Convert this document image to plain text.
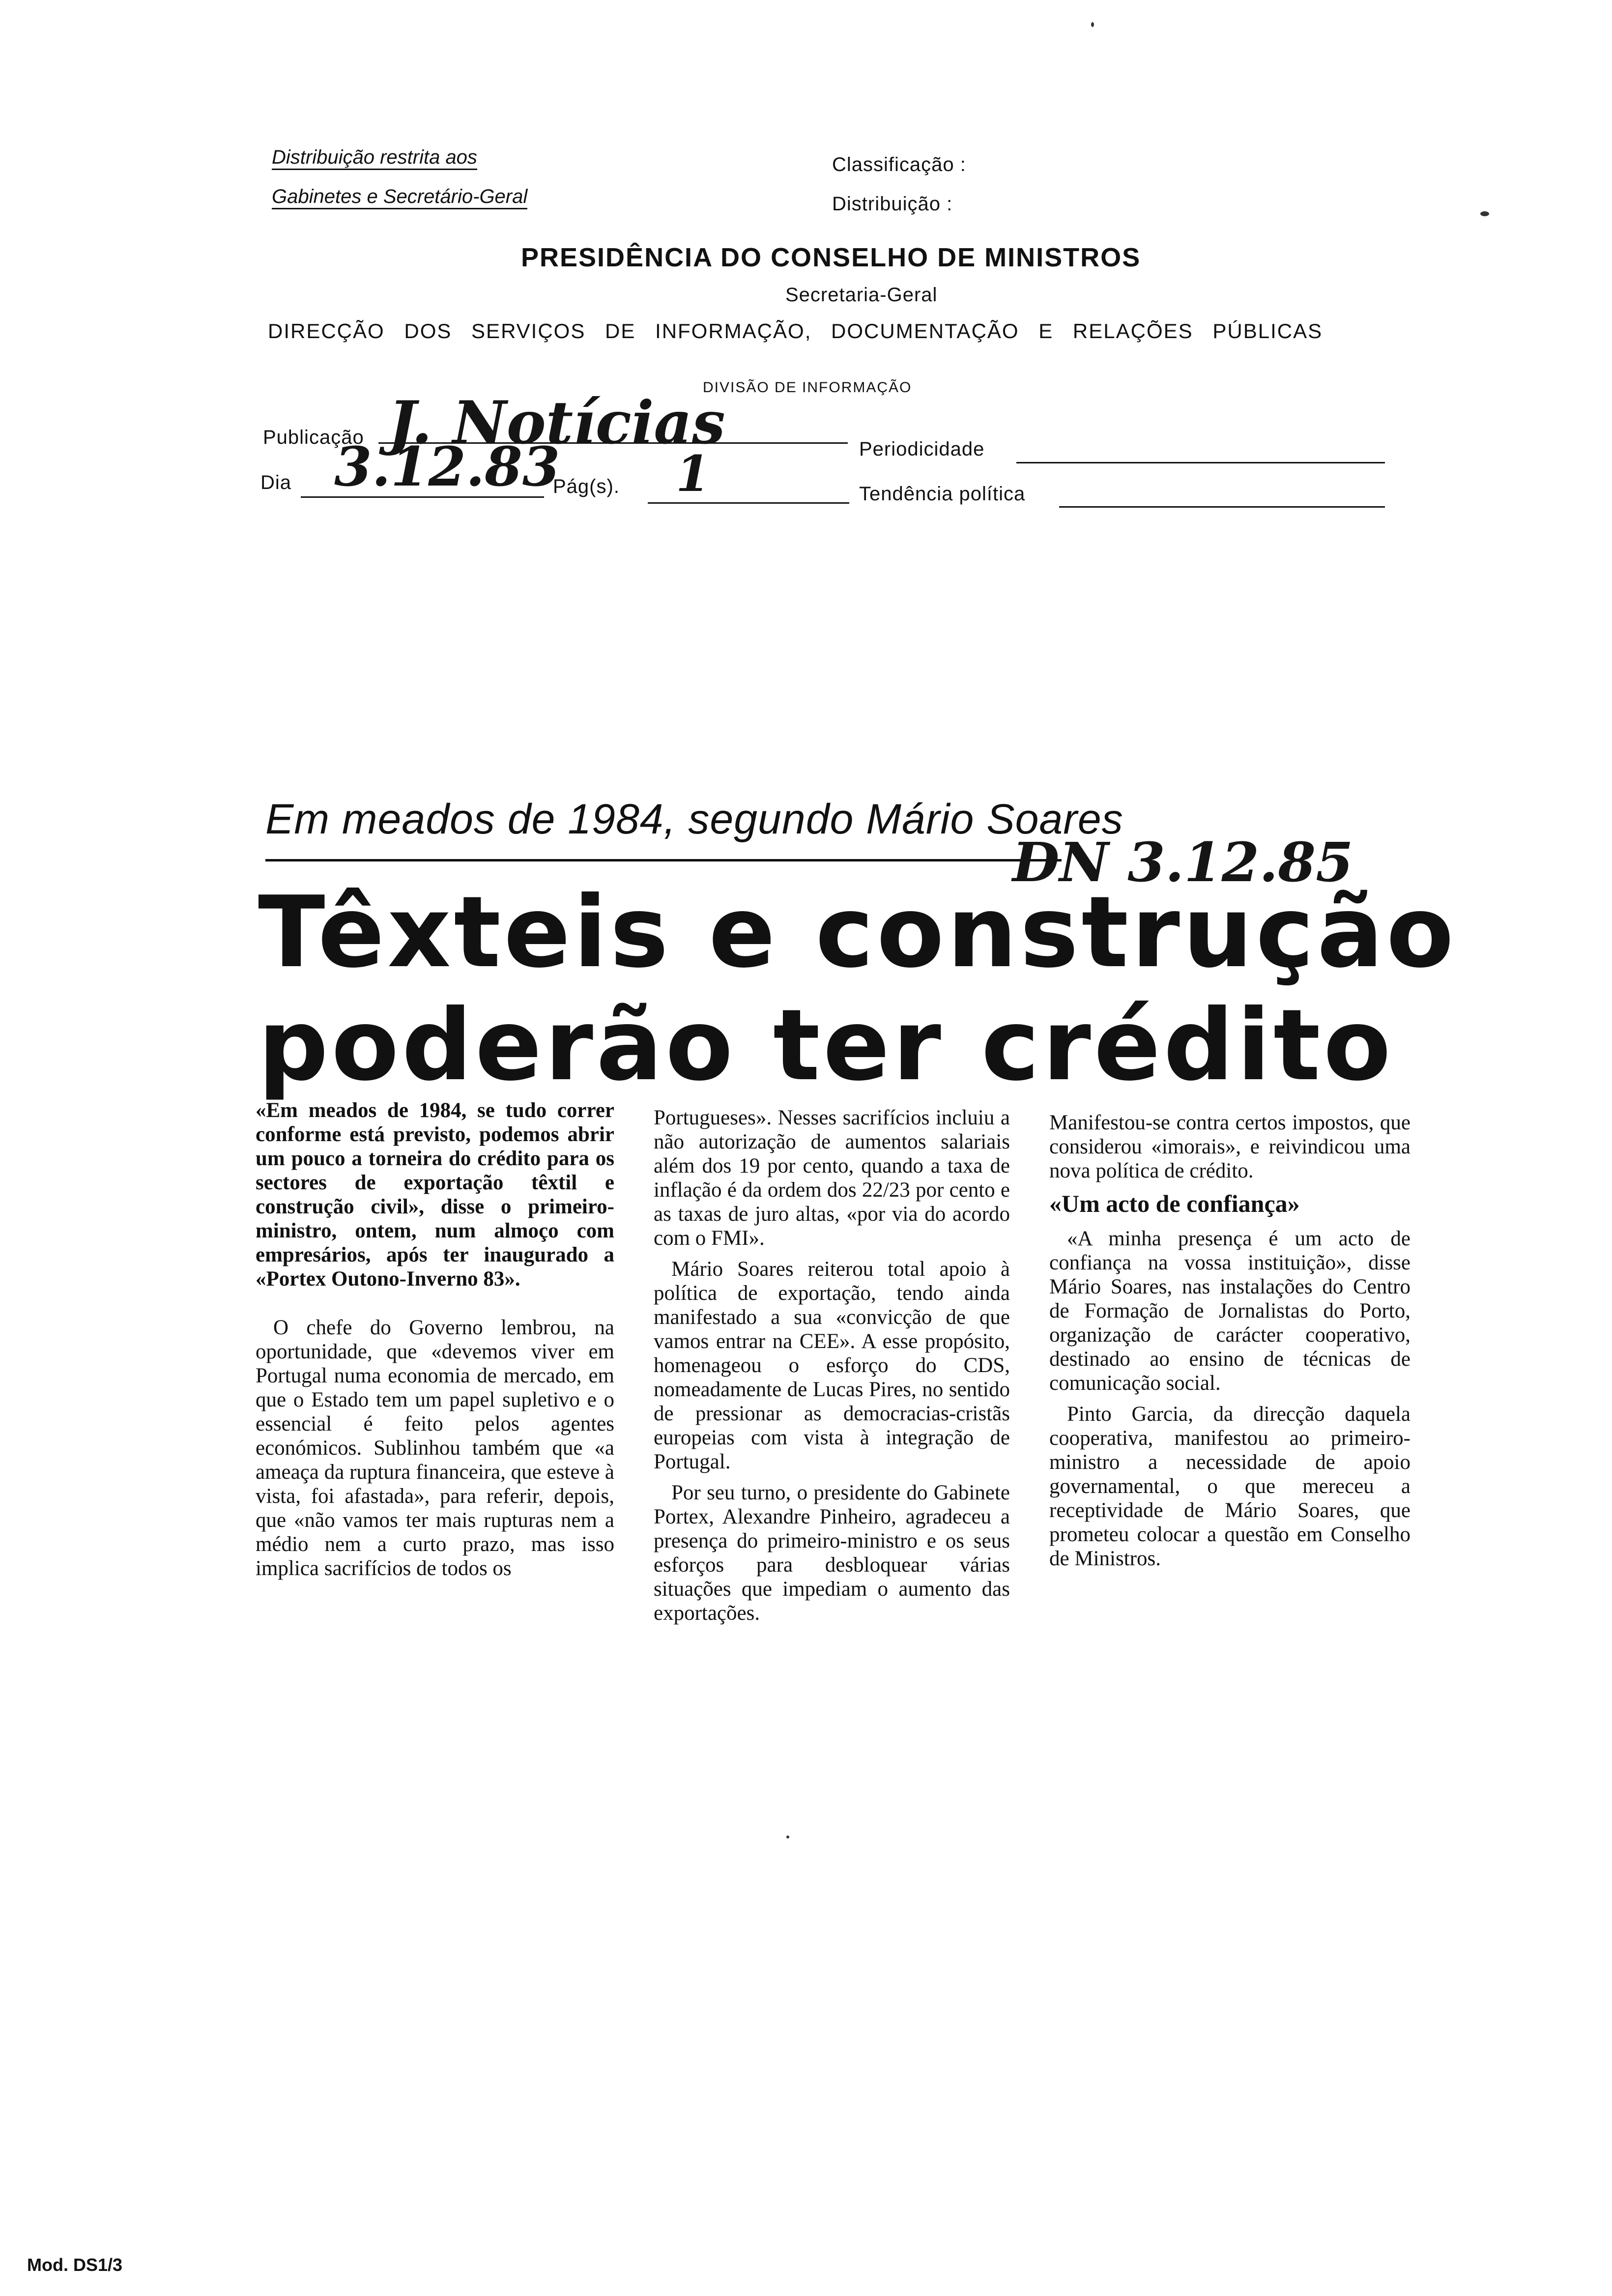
Distribuição restrita aos
Gabinetes e Secretário-Geral
Classificação :
Distribuição :
PRESIDÊNCIA DO CONSELHO DE MINISTROS
Secretaria-Geral
DIRECÇÃO DOS SERVIÇOS DE INFORMAÇÃO, DOCUMENTAÇÃO E RELAÇÕES PÚBLICAS
DIVISÃO DE INFORMAÇÃO
Publicação J. Notícias	Periodicidade
Dia 3.12.83
Pág(s). 1	Tendência política
Em meados de 1984, segundo Mário Soares
DN 3.12.85
Têxteis e construção
poderão ter crédito

«Em meados de 1984, se tudo correr conforme está previsto, podemos abrir um pouco a torneira do crédito para os sectores de exportação têxtil e construção civil», disse o primeiro-ministro, ontem, num almoço com empresários, após ter inaugurado a «Portex Outono-Inverno 83».

O chefe do Governo lembrou, na oportunidade, que «devemos viver em Portugal numa economia de mercado, em que o Estado tem um papel supletivo e o essencial é feito pelos agentes económicos. Sublinhou também que «a ameaça da ruptura financeira, que esteve à vista, foi afastada», para referir, depois, que «não vamos ter mais rupturas nem a médio nem a curto prazo, mas isso implica sacrifícios de todos os

Portugueses». Nesses sacrifícios incluiu a não autorização de aumentos salariais além dos 19 por cento, quando a taxa de inflação é da ordem dos 22/23 por cento e as taxas de juro altas, «por via do acordo com o FMI».

Mário Soares reiterou total apoio à política de exportação, tendo ainda manifestado a sua «convicção de que vamos entrar na CEE». A esse propósito, homenageou o esforço do CDS, nomeadamente de Lucas Pires, no sentido de pressionar as democracias-cristãs europeias com vista à integração de Portugal.

Por seu turno, o presidente do Gabinete Portex, Alexandre Pinheiro, agradeceu a presença do primeiro-ministro e os seus esforços para desbloquear várias situações que impediam o aumento das exportações.

Manifestou-se contra certos impostos, que considerou «imorais», e reivindicou uma nova política de crédito.

«Um acto de confiança»

«A minha presença é um acto de confiança na vossa instituição», disse Mário Soares, nas instalações do Centro de Formação de Jornalistas do Porto, organização de carácter cooperativo, destinado ao ensino de técnicas de comunicação social.

Pinto Garcia, da direcção daquela cooperativa, manifestou ao primeiro-ministro a necessidade de apoio governamental, o que mereceu a receptividade de Mário Soares, que prometeu colocar a questão em Conselho de Ministros.

Mod. DS1/3
